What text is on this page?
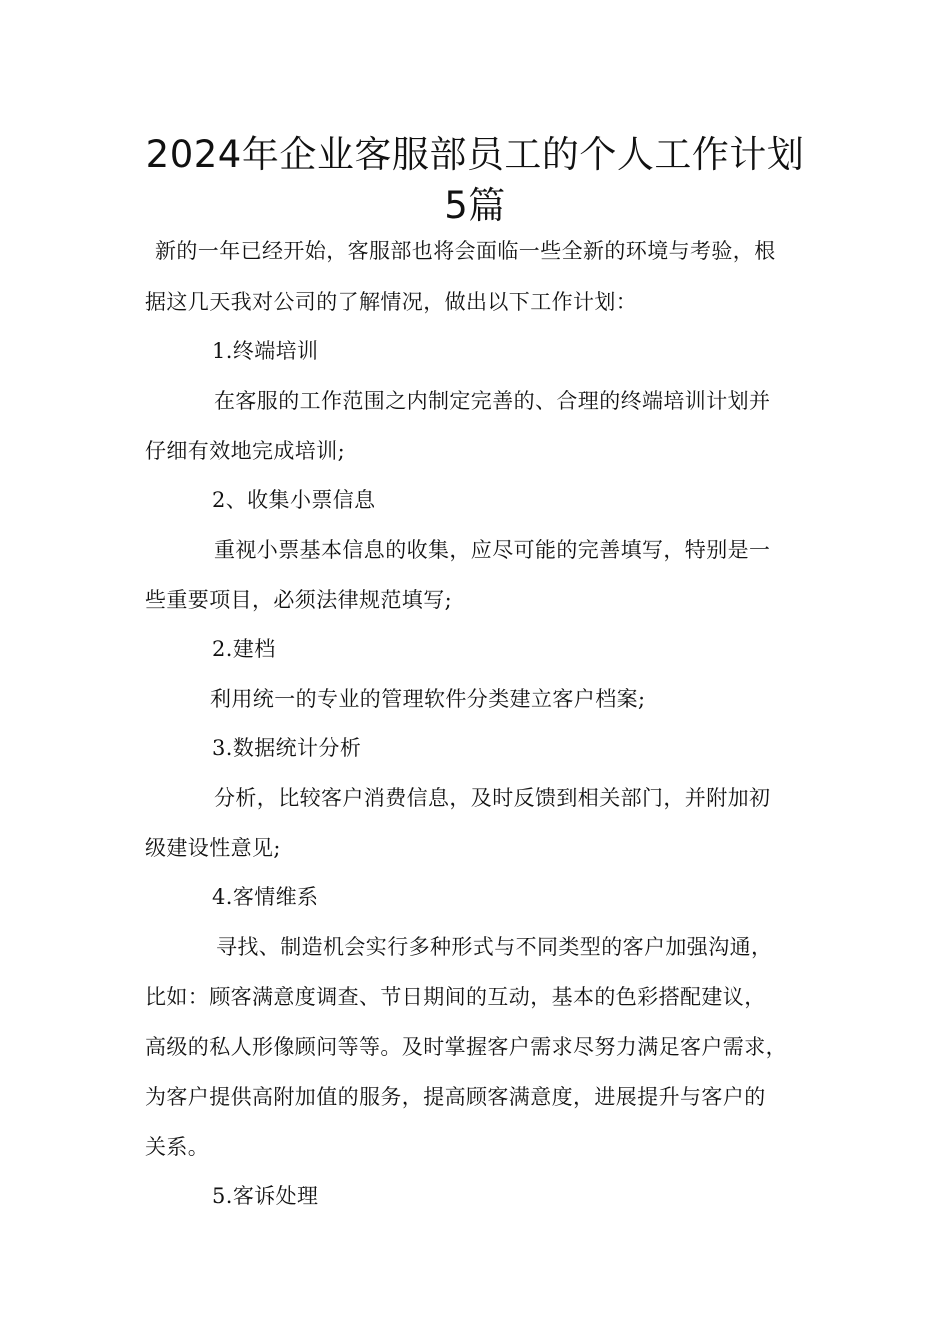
2024年企业客服部员工的个人工作计划
5篇

新的一年已经开始，客服部也将会面临一些全新的环境与考验，根

据这几天我对公司的了解情况，做出以下工作计划：

1.终端培训

在客服的工作范围之内制定完善的、合理的终端培训计划并

仔细有效地完成培训;

2、收集小票信息

重视小票基本信息的收集，应尽可能的完善填写，特别是一

些重要项目，必须法律规范填写;

2.建档

利用统一的专业的管理软件分类建立客户档案;

3.数据统计分析

分析，比较客户消费信息，及时反馈到相关部门，并附加初

级建设性意见;

4.客情维系

寻找、制造机会实行多种形式与不同类型的客户加强沟通，

比如：顾客满意度调查、节日期间的互动，基本的色彩搭配建议，

高级的私人形像顾问等等。及时掌握客户需求尽努力满足客户需求，

为客户提供高附加值的服务，提高顾客满意度，进展提升与客户的

关系。

5.客诉处理
